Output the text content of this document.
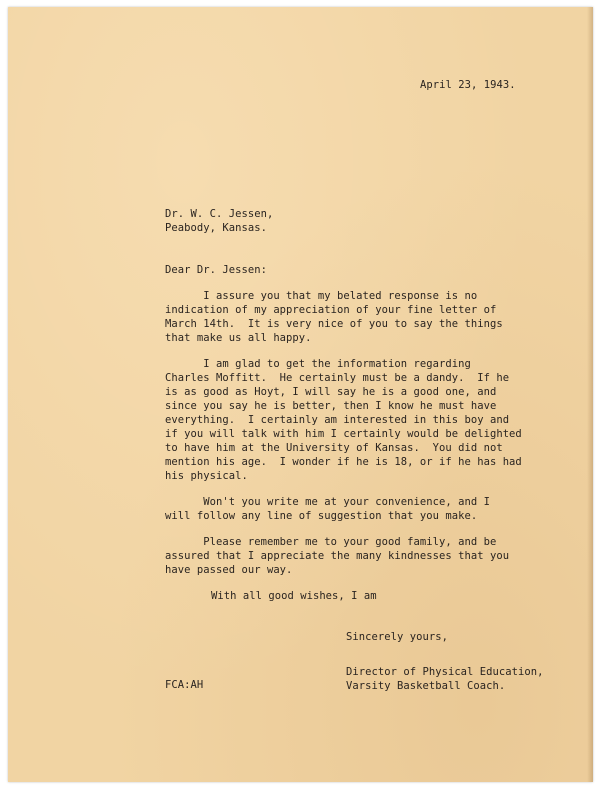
April 23, 1943.
Dr. W. C. Jessen,
Peabody, Kansas.
Dear Dr. Jessen:
I assure you that my belated response is no
indication of my appreciation of your fine letter of
March 14th.  It is very nice of you to say the things
that make us all happy.
I am glad to get the information regarding
Charles Moffitt.  He certainly must be a dandy.  If he
is as good as Hoyt, I will say he is a good one, and
since you say he is better, then I know he must have
everything.  I certainly am interested in this boy and
if you will talk with him I certainly would be delighted
to have him at the University of Kansas.  You did not
mention his age.  I wonder if he is 18, or if he has had
his physical.
Won't you write me at your convenience, and I
will follow any line of suggestion that you make.
Please remember me to your good family, and be
assured that I appreciate the many kindnesses that you
have passed our way.
With all good wishes, I am
Sincerely yours,
FCA:AH
Director of Physical Education,
Varsity Basketball Coach.
